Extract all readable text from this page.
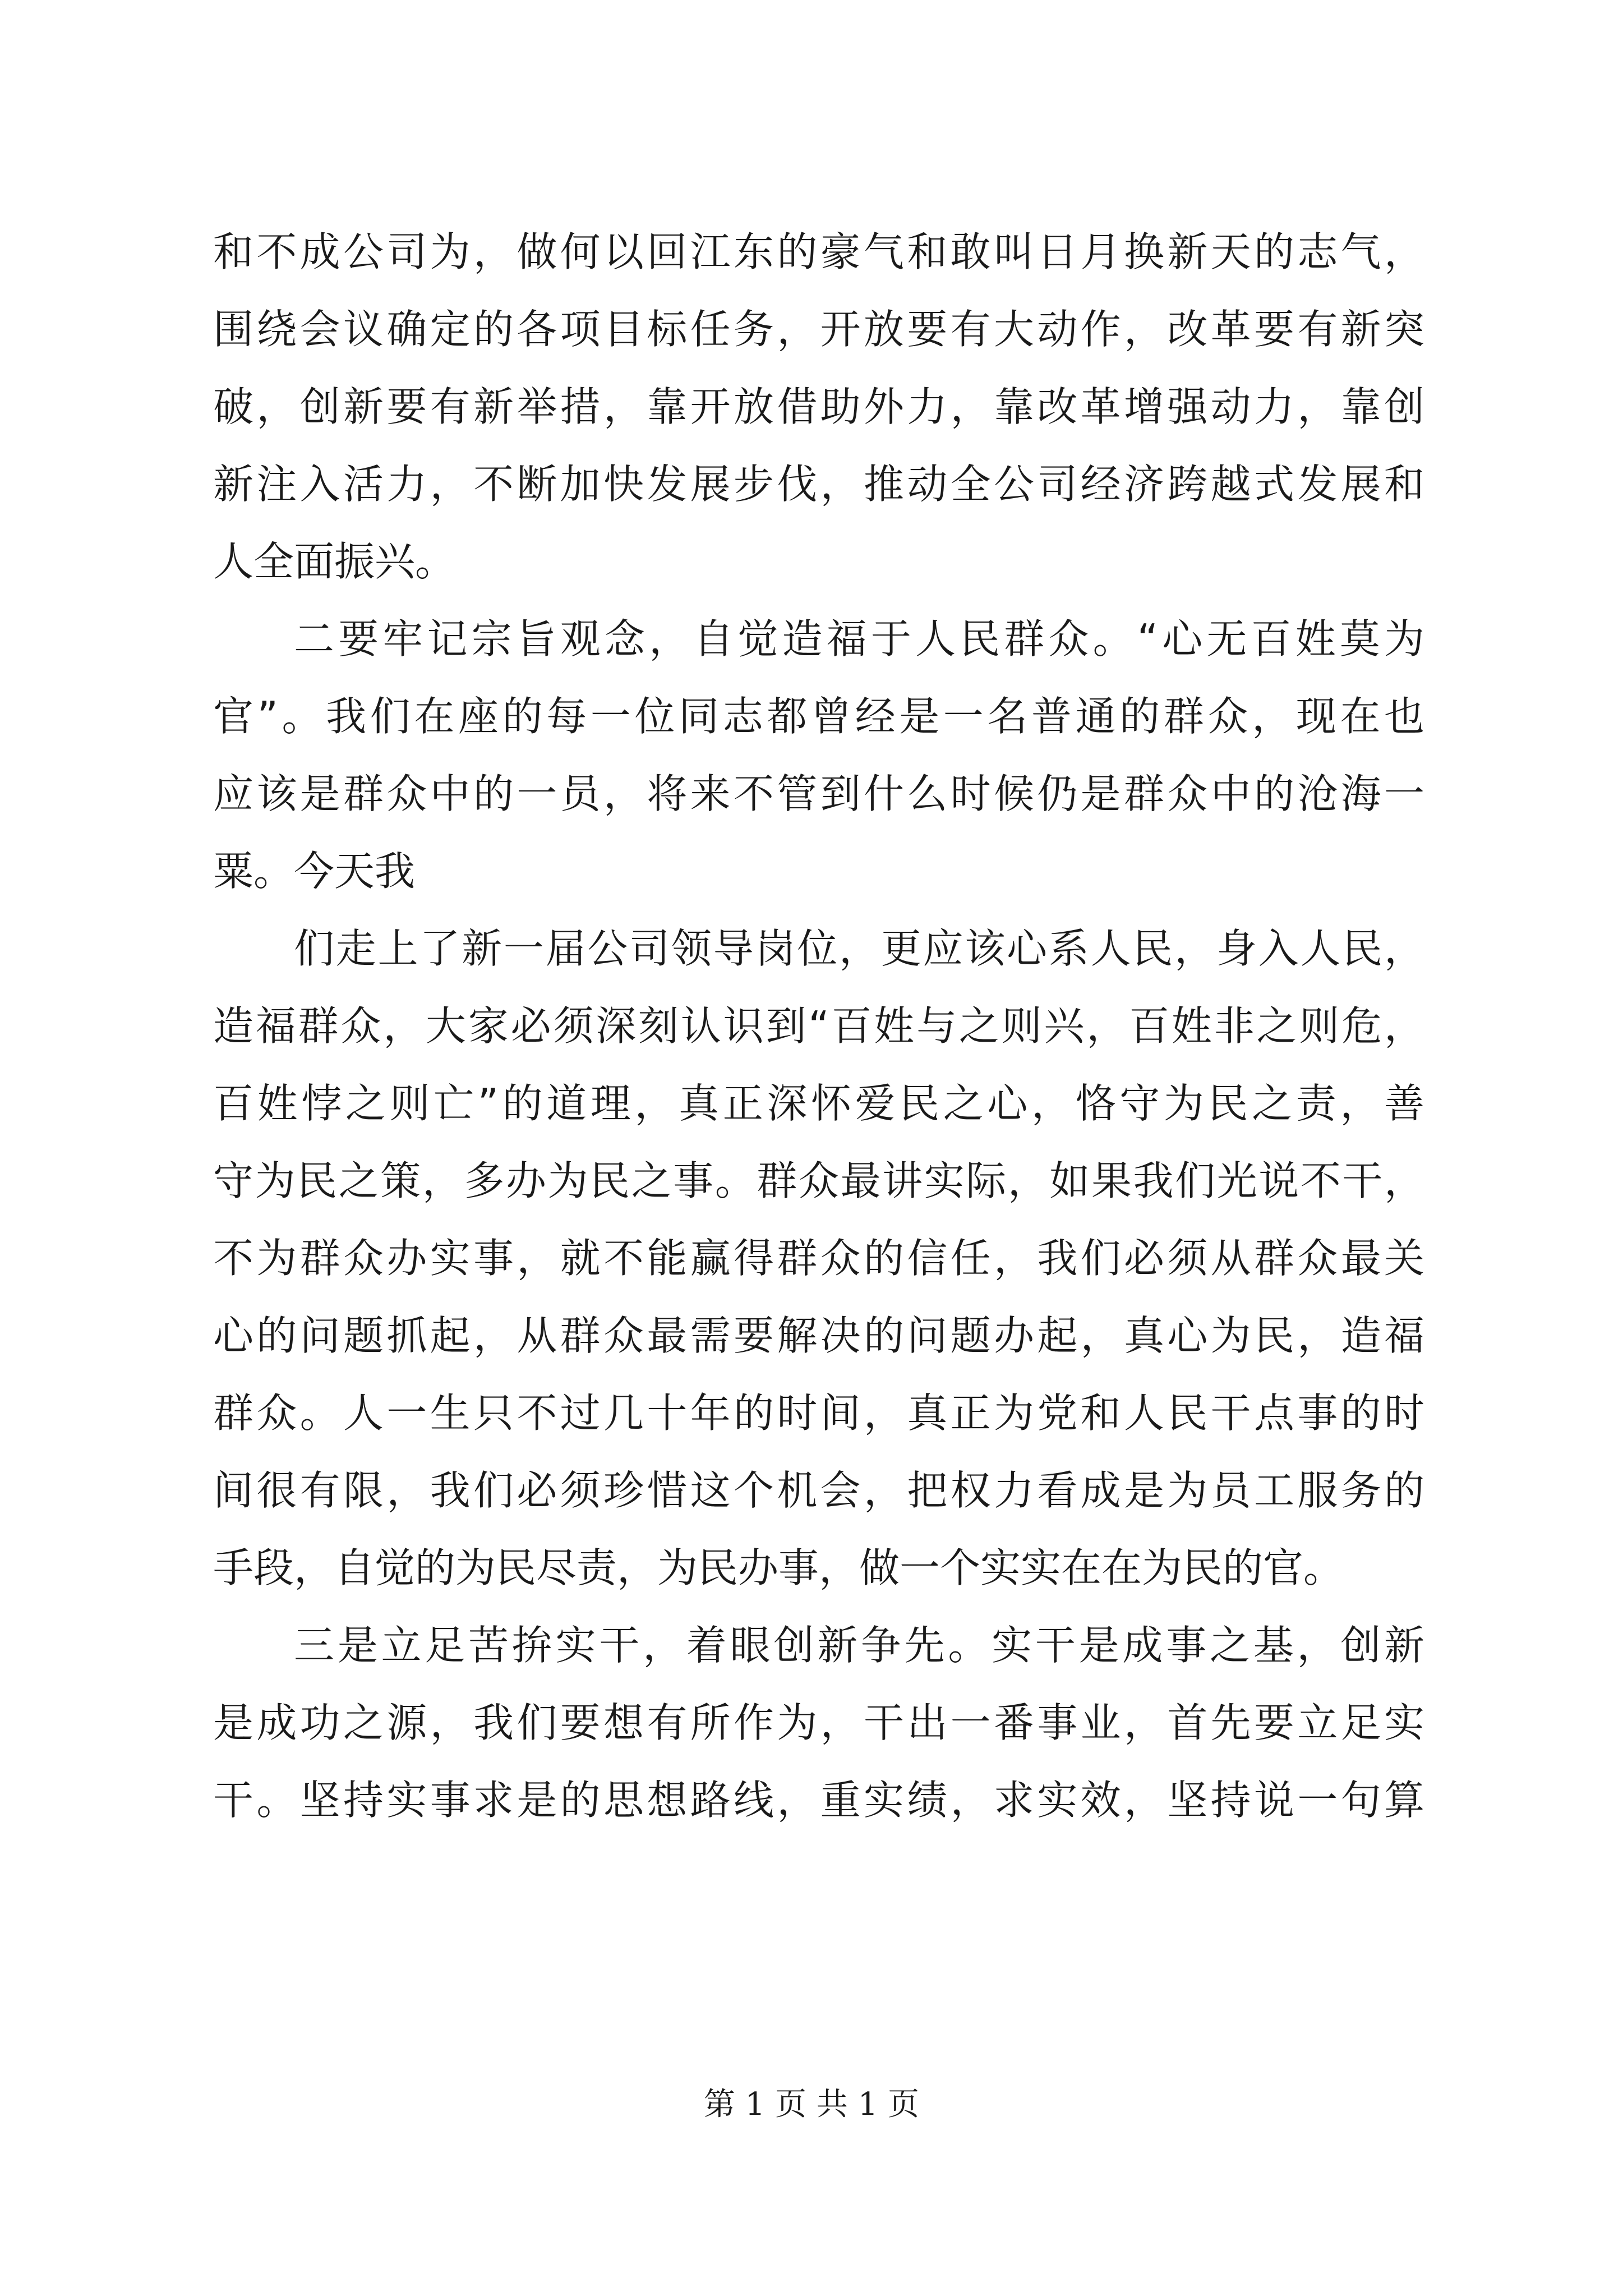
和不成公司为，做何以回江东的豪气和敢叫日月换新天的志气，
围绕会议确定的各项目标任务，开放要有大动作，改革要有新突
破，创新要有新举措，靠开放借助外力，靠改革增强动力，靠创
新注入活力，不断加快发展步伐，推动全公司经济跨越式发展和
人全面振兴。
二要牢记宗旨观念，自觉造福于人民群众。“心无百姓莫为
官”。我们在座的每一位同志都曾经是一名普通的群众，现在也
应该是群众中的一员，将来不管到什么时候仍是群众中的沧海一
粟。今天我
们走上了新一届公司领导岗位，更应该心系人民，身入人民，
造福群众，大家必须深刻认识到“百姓与之则兴，百姓非之则危，
百姓悖之则亡”的道理，真正深怀爱民之心，恪守为民之责，善
守为民之策，多办为民之事。群众最讲实际，如果我们光说不干，
不为群众办实事，就不能赢得群众的信任，我们必须从群众最关
心的问题抓起，从群众最需要解决的问题办起，真心为民，造福
群众。人一生只不过几十年的时间，真正为党和人民干点事的时
间很有限，我们必须珍惜这个机会，把权力看成是为员工服务的
手段，自觉的为民尽责，为民办事，做一个实实在在为民的官。
三是立足苦拚实干，着眼创新争先。实干是成事之基，创新
是成功之源，我们要想有所作为，干出一番事业，首先要立足实
干。坚持实事求是的思想路线，重实绩，求实效，坚持说一句算
第 1 页 共 1 页
